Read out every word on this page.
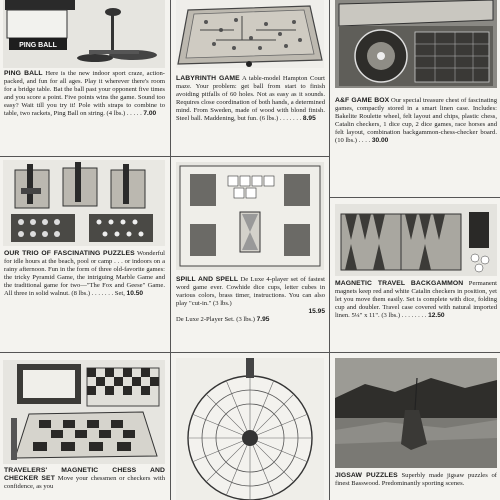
PING BALL
PING BALL Here is the new indoor sport craze, action-packed, and fun for all ages. Play it wherever there's room for a bridge table. Bat the ball past your opponent five times and you score a point. Five points wins the game. Sound too easy? Wait till you try it! Pole with straps to combine to table, two rackets, Ping Ball on string. (4 lbs.) . . . . . 7.00
LABYRINTH GAME A table-model Hampton Court maze. Your problem: get ball from start to finish avoiding pitfalls of 60 holes. Not as easy as it sounds. Requires close coordination of both hands, a determined mind. From Sweden, made of wood with blond finish. Steel ball. Maddening, but fun. (6 lbs.) . . . . . . . 8.95
A&F GAME BOX Our special treasure chest of fascinating games, compactly stored in a smart linen case. Includes: Bakelite Roulette wheel, felt layout and chips, plastic chess, Catalin checkers, 1 dice cup, 2 dice games, race horses and felt layout, combination backgammon-chess-checker board. (10 lbs.) . . . . 30.00
OUR TRIO OF FASCINATING PUZZLES Wonderful for idle hours at the beach, pool or camp . . . or indoors on a rainy afternoon. Fun in the form of three old-favorite games: the tricky Pyramid Game, the intriguing Marble Game and the traditional game for two—"The Fox and Geese" Game. All three in solid walnut. (8 lbs.) . . . . . . . Set, 10.50
SPILL AND SPELL De Luxe 4-player set of fastest word game ever. Cowhide dice cups, letter cubes in various colors, brass timer, instructions. You can also play "cut-in." (3 lbs.)
15.95
De Luxe 2-Player Set. (3 lbs.) 7.95
MAGNETIC TRAVEL BACKGAMMON Permanent magnets keep red and white Catalin checkers in position, yet let you move them easily. Set is complete with dice, folding cup and doubler. Travel case covered with natural imported linen. 5¼" x 11". (3 lbs.) . . . . . . . . 12.50
TRAVELERS' MAGNETIC CHESS AND CHECKER SET Move your chessmen or checkers with confidence, as you
JIGSAW PUZZLES Superbly made jigsaw puzzles of finest Basswood. Predominantly sporting scenes.
